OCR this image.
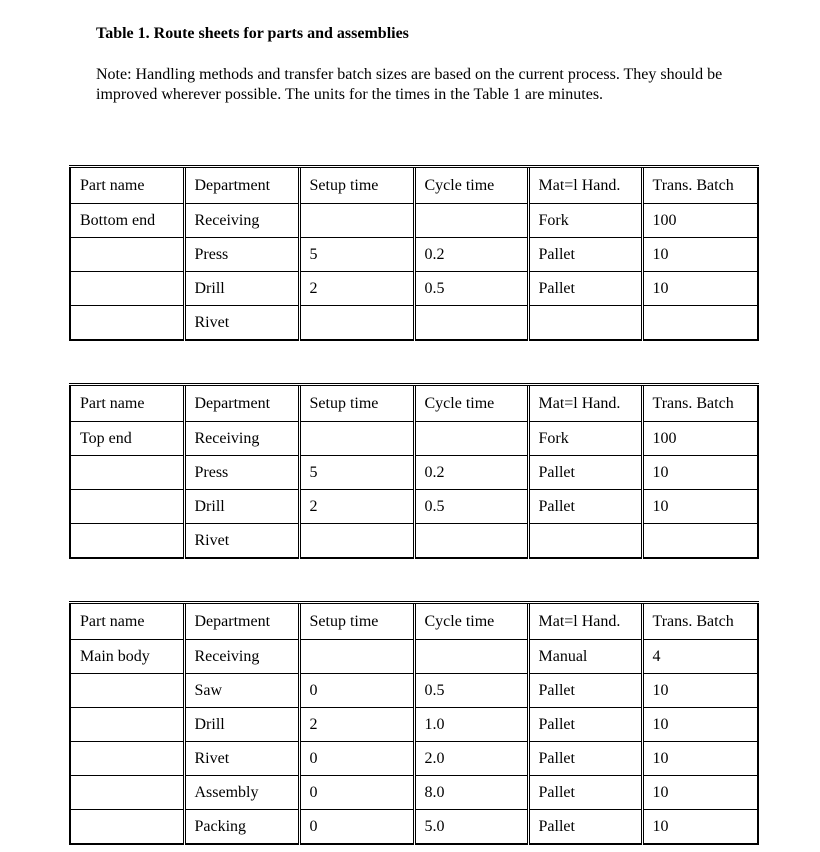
Table 1. Route sheets for parts and assemblies

Note: Handling methods and transfer batch sizes are based on the current process. They should be improved wherever possible. The units for the times in the Table 1 are minutes.

Part name	Department	Setup time	Cycle time	Mat=l Hand.	Trans. Batch
Bottom end	Receiving			Fork	100
	Press	5	0.2	Pallet	10
	Drill	2	0.5	Pallet	10
	Rivet				
Part name	Department	Setup time	Cycle time	Mat=l Hand.	Trans. Batch
Top end	Receiving			Fork	100
	Press	5	0.2	Pallet	10
	Drill	2	0.5	Pallet	10
	Rivet				
Part name	Department	Setup time	Cycle time	Mat=l Hand.	Trans. Batch
Main body	Receiving			Manual	4
	Saw	0	0.5	Pallet	10
	Drill	2	1.0	Pallet	10
	Rivet	0	2.0	Pallet	10
	Assembly	0	8.0	Pallet	10
	Packing	0	5.0	Pallet	10
